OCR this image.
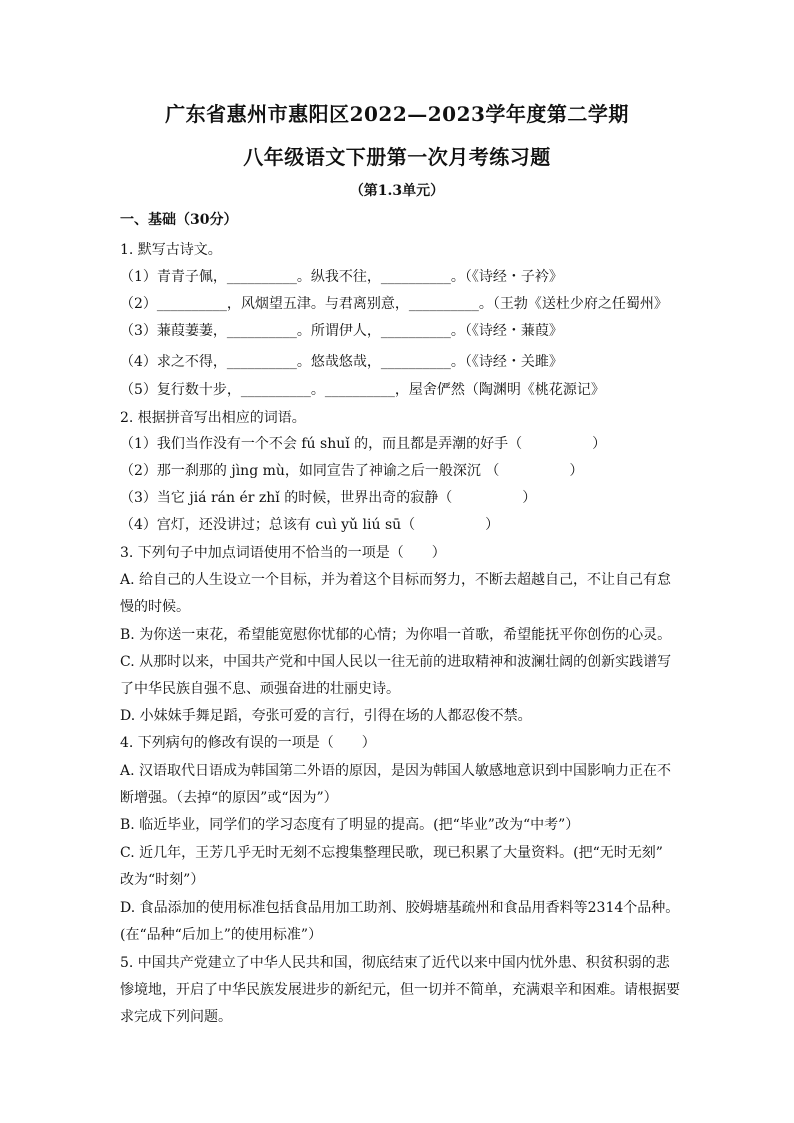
广东省惠州市惠阳区2022—2023学年度第二学期
八年级语文下册第一次月考练习题
（第1.3单元）
一、基础（30分）
1. 默写古诗文。
（1）青青子佩，__________。纵我不往，__________。（《诗经・子衿》
（2）__________，风烟望五津。与君离别意，__________。（王勃《送杜少府之任蜀州》
（3）蒹葭萋萋，__________。所谓伊人，__________。（《诗经・蒹葭》
（4）求之不得，__________。悠哉悠哉，__________。（《诗经・关雎》
（5）复行数十步，__________。__________，屋舍俨然（陶渊明《桃花源记》
2. 根据拼音写出相应的词语。
（1）我们当作没有一个不会 fú shuǐ 的，而且都是弄潮的好手（　　　　　）
（2）那一刹那的 jìng mù，如同宣告了神谕之后一般深沉 （　　　　　）
（3）当它 jiá rán ér zhǐ 的时候，世界出奇的寂静（　　　　　）
（4）宫灯，还没讲过；总该有 cuì yǔ liú sū（　　　　　）
3. 下列句子中加点词语使用不恰当的一项是（　　）
A. 给自己的人生设立一个目标，并为着这个目标而努力，不断去超越自己，不让自己有怠
慢的时候。
B. 为你送一束花，希望能宽慰你忧郁的心情；为你唱一首歌，希望能抚平你创伤的心灵。
C. 从那时以来，中国共产党和中国人民以一往无前的进取精神和波澜壮阔的创新实践谱写
了中华民族自强不息、顽强奋进的壮丽史诗。
D. 小妹妹手舞足蹈，夸张可爱的言行，引得在场的人都忍俊不禁。
4. 下列病句的修改有误的一项是（　　）
A. 汉语取代日语成为韩国第二外语的原因，是因为韩国人敏感地意识到中国影响力正在不
断增强。（去掉“的原因”或“因为”）
B. 临近毕业，同学们的学习态度有了明显的提高。(把“毕业”改为“中考”）
C. 近几年，王芳几乎无时无刻不忘搜集整理民歌，现已积累了大量资料。(把“无时无刻”
改为“时刻”）
D. 食品添加的使用标准包括食品用加工助剂、胶姆塘基疏州和食品用香料等2314个品种。
(在“品种“后加上”的使用标准”）
5. 中国共产党建立了中华人民共和国，彻底结束了近代以来中国内忧外患、积贫积弱的悲
惨境地，开启了中华民族发展进步的新纪元，但一切并不简单，充满艰辛和困难。请根据要
求完成下列问题。
